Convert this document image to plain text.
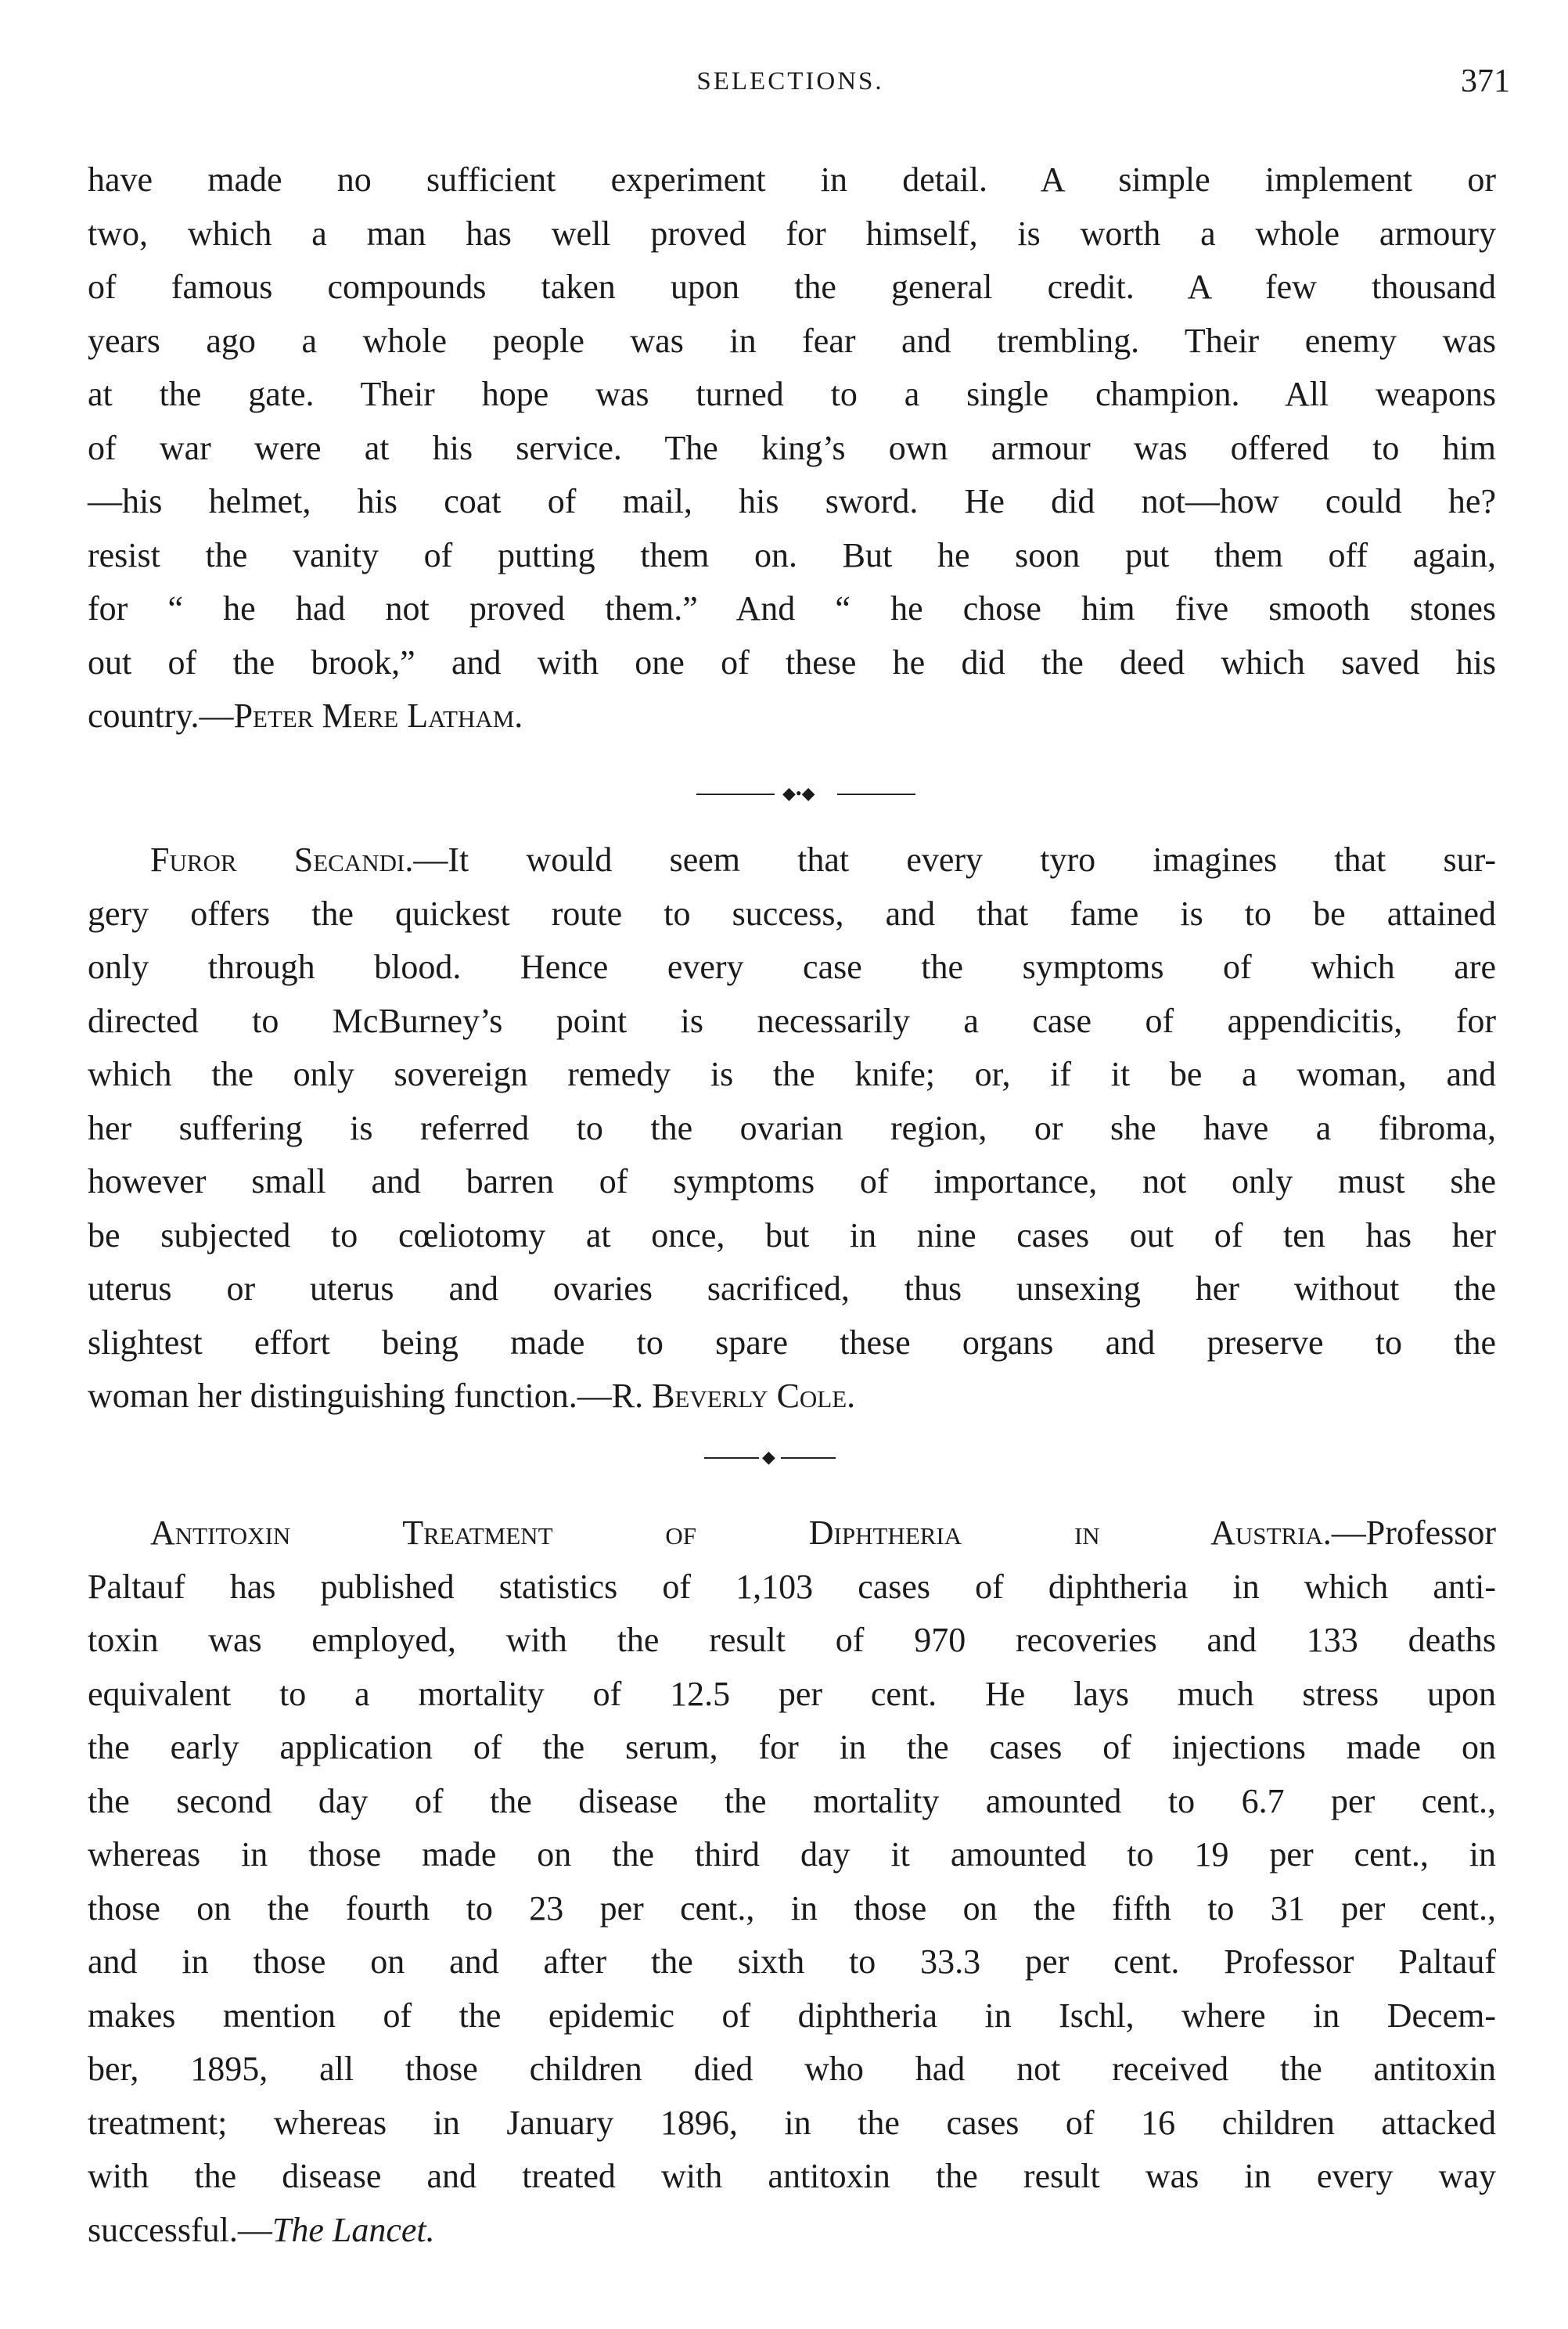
SELECTIONS.	371
have made no sufficient experiment in detail. A simple implement or
two, which a man has well proved for himself, is worth a whole armoury
of famous compounds taken upon the general credit. A few thousand
years ago a whole people was in fear and trembling. Their enemy was
at the gate. Their hope was turned to a single champion. All weapons
of war were at his service. The king’s own armour was offered to him
—his helmet, his coat of mail, his sword. He did not—how could he?
resist the vanity of putting them on. But he soon put them off again,
for “ he had not proved them.” And “ he chose him five smooth stones
out of the brook,” and with one of these he did the deed which saved his
country.—Peter Mere Latham.
◆•◆
Furor Secandi.—It would seem that every tyro imagines that sur-
gery offers the quickest route to success, and that fame is to be attained
only through blood. Hence every case the symptoms of which are
directed to McBurney’s point is necessarily a case of appendicitis, for
which the only sovereign remedy is the knife; or, if it be a woman, and
her suffering is referred to the ovarian region, or she have a fibroma,
however small and barren of symptoms of importance, not only must she
be subjected to cœliotomy at once, but in nine cases out of ten has her
uterus or uterus and ovaries sacrificed, thus unsexing her without the
slightest effort being made to spare these organs and preserve to the
woman her distinguishing function.—R. Beverly Cole.
◆
Antitoxin Treatment of Diphtheria in Austria.—Professor
Paltauf has published statistics of 1,103 cases of diphtheria in which anti-
toxin was employed, with the result of 970 recoveries and 133 deaths
equivalent to a mortality of 12.5 per cent. He lays much stress upon
the early application of the serum, for in the cases of injections made on
the second day of the disease the mortality amounted to 6.7 per cent.,
whereas in those made on the third day it amounted to 19 per cent., in
those on the fourth to 23 per cent., in those on the fifth to 31 per cent.,
and in those on and after the sixth to 33.3 per cent. Professor Paltauf
makes mention of the epidemic of diphtheria in Ischl, where in Decem-
ber, 1895, all those children died who had not received the antitoxin
treatment; whereas in January 1896, in the cases of 16 children attacked
with the disease and treated with antitoxin the result was in every way
successful.—The Lancet.
